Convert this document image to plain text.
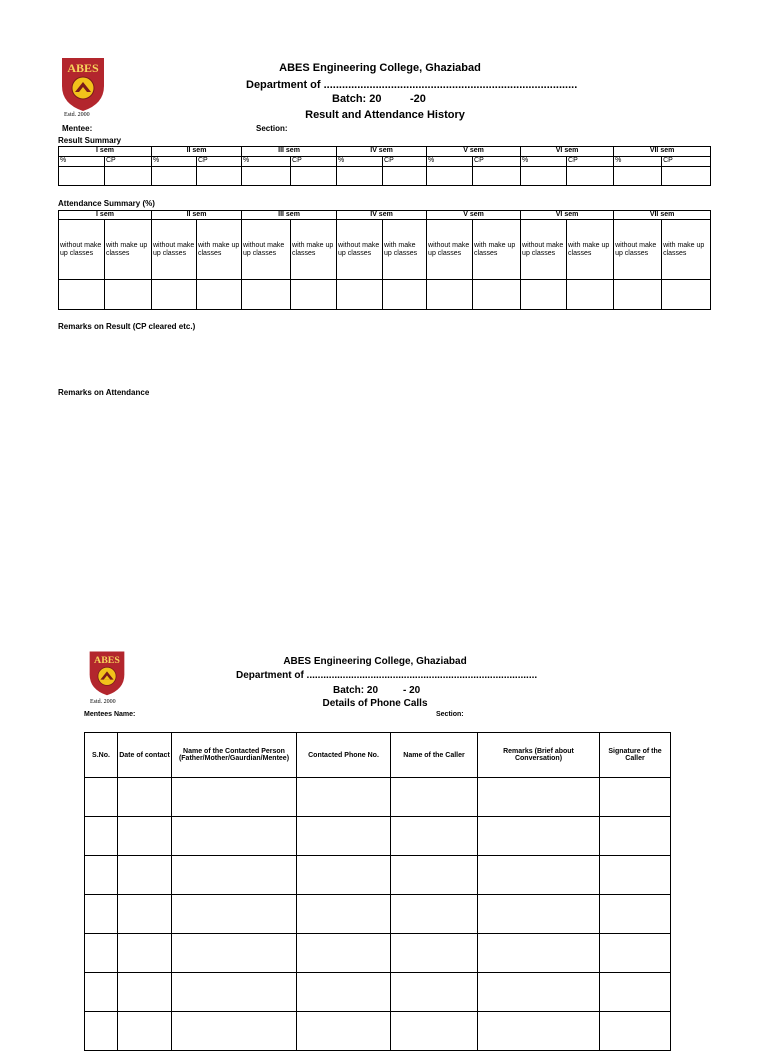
ABES
Estd. 2000
ABES Engineering College, Ghaziabad
Department of ...................................................................................
Batch: 20	-20
Result and Attendance History
Mentee:	Section:
Result Summary
I sem		II sem		III sem		IV sem		V sem		VI sem		VII sem	
%	CP	%	CP	%	CP	%	CP	%	CP	%	CP	%	CP

Attendance Summary (%)
I sem		II sem		III sem		IV sem		V sem		VI sem		VII sem	
without make up classes	with make up classes	without make up classes	with make up classes	without make up classes	with make up classes	without make up classes	with make up classes	without make up classes	with make up classes	without make up classes	with make up classes	without make up classes	with make up classes

Remarks on Result (CP cleared etc.)
Remarks on Attendance
ABES
Estd. 2000
ABES Engineering College, Ghaziabad
Department of ...................................................................................
Batch: 20 - 20
Details of Phone Calls
Mentees Name:	Section:
S.No.	Date of contact	Name of the Contacted Person (Father/Mother/Gaurdian/Mentee)	Contacted Phone No.	Name of the Caller	Remarks (Brief about Conversation)	Signature of the Caller
